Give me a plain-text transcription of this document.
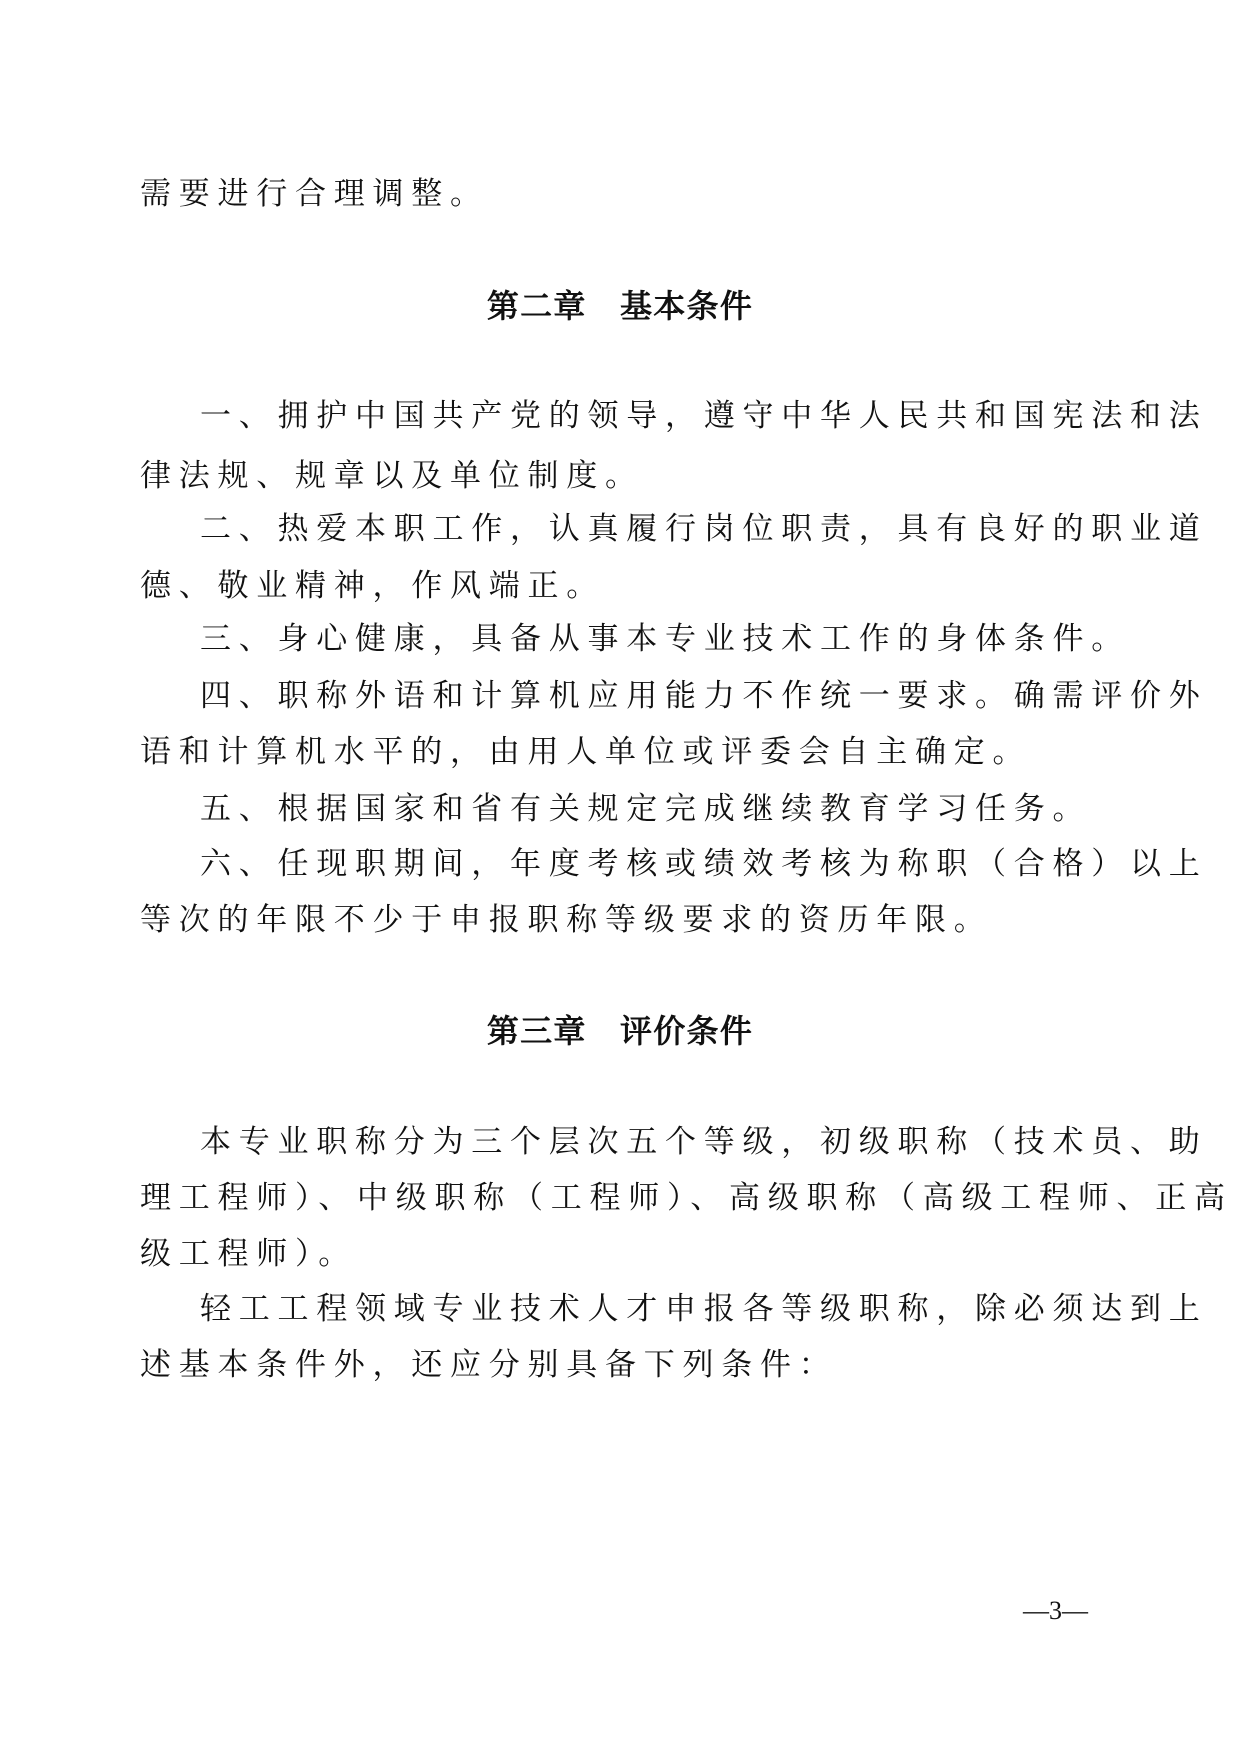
需要进行合理调整。
第二章　基本条件
一、拥护中国共产党的领导，遵守中华人民共和国宪法和法
律法规、规章以及单位制度。
二、热爱本职工作，认真履行岗位职责，具有良好的职业道
德、敬业精神，作风端正。
三、身心健康，具备从事本专业技术工作的身体条件。
四、职称外语和计算机应用能力不作统一要求。确需评价外
语和计算机水平的，由用人单位或评委会自主确定。
五、根据国家和省有关规定完成继续教育学习任务。
六、任现职期间，年度考核或绩效考核为称职（合格）以上
等次的年限不少于申报职称等级要求的资历年限。
第三章　评价条件
本专业职称分为三个层次五个等级，初级职称（技术员、助
理工程师）、中级职称（工程师）、高级职称（高级工程师、正高
级工程师）。
轻工工程领域专业技术人才申报各等级职称，除必须达到上
述基本条件外，还应分别具备下列条件：
—3—
